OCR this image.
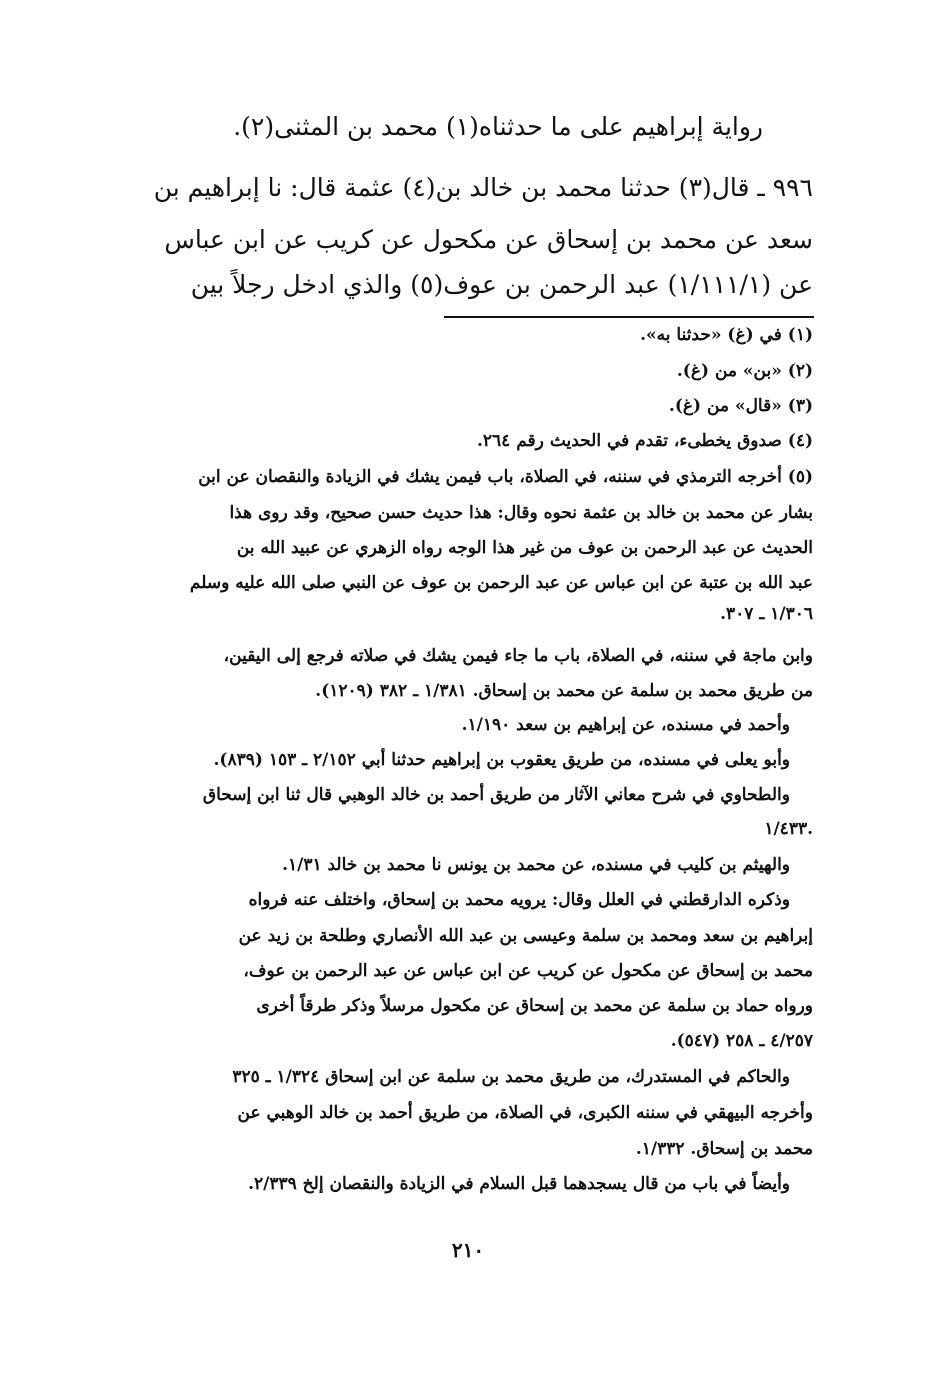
رواية إبراهيم على ما حدثناه(١) محمد بن المثنى(٢).
٩٩٦ ـ قال(٣) حدثنا محمد بن خالد بن(٤) عثمة قال: نا إبراهيم بن
سعد عن محمد بن إسحاق عن مكحول عن كريب عن ابن عباس
عن (١/١١١/١) عبد الرحمن بن عوف(٥) والذي ادخل رجلاً بين
(١) في (غ) «حدثنا به».
(٢) «بن» من (غ).
(٣) «قال» من (غ).
(٤) صدوق يخطىء، تقدم في الحديث رقم ٢٦٤.
(٥) أخرجه الترمذي في سننه، في الصلاة، باب فيمن يشك في الزيادة والنقصان عن ابن
بشار عن محمد بن خالد بن عثمة نحوه وقال: هذا حديث حسن صحيح، وقد روى هذا
الحديث عن عبد الرحمن بن عوف من غير هذا الوجه رواه الزهري عن عبيد الله بن
عبد الله بن عتبة عن ابن عباس عن عبد الرحمن بن عوف عن النبي صلى الله عليه وسلم
١/٣٠٦ ـ ٣٠٧.
وابن ماجة في سننه، في الصلاة، باب ما جاء فيمن يشك في صلاته فرجع إلى اليقين،
من طريق محمد بن سلمة عن محمد بن إسحاق. ١/٣٨١ ـ ٣٨٢ (١٢٠٩).
وأحمد في مسنده، عن إبراهيم بن سعد ١/١٩٠.
وأبو يعلى في مسنده، من طريق يعقوب بن إبراهيم حدثنا أبي ٢/١٥٢ ـ ١٥٣ (٨٣٩).
والطحاوي في شرح معاني الآثار من طريق أحمد بن خالد الوهبي قال ثنا ابن إسحاق
١/٤٣٣.
والهيثم بن كليب في مسنده، عن محمد بن يونس نا محمد بن خالد ١/٣١.
وذكره الدارقطني في العلل وقال: يرويه محمد بن إسحاق، واختلف عنه فرواه
إبراهيم بن سعد ومحمد بن سلمة وعيسى بن عبد الله الأنصاري وطلحة بن زيد عن
محمد بن إسحاق عن مكحول عن كريب عن ابن عباس عن عبد الرحمن بن عوف،
ورواه حماد بن سلمة عن محمد بن إسحاق عن مكحول مرسلاً وذكر طرقاً أخرى
٤/٢٥٧ ـ ٢٥٨ (٥٤٧).
والحاكم في المستدرك، من طريق محمد بن سلمة عن ابن إسحاق ١/٣٢٤ ـ ٣٢٥
وأخرجه البيهقي في سننه الكبرى، في الصلاة، من طريق أحمد بن خالد الوهبي عن
محمد بن إسحاق. ١/٣٣٢.
وأيضاً في باب من قال يسجدهما قبل السلام في الزيادة والنقصان إلخ ٢/٣٣٩.
٢١٠
